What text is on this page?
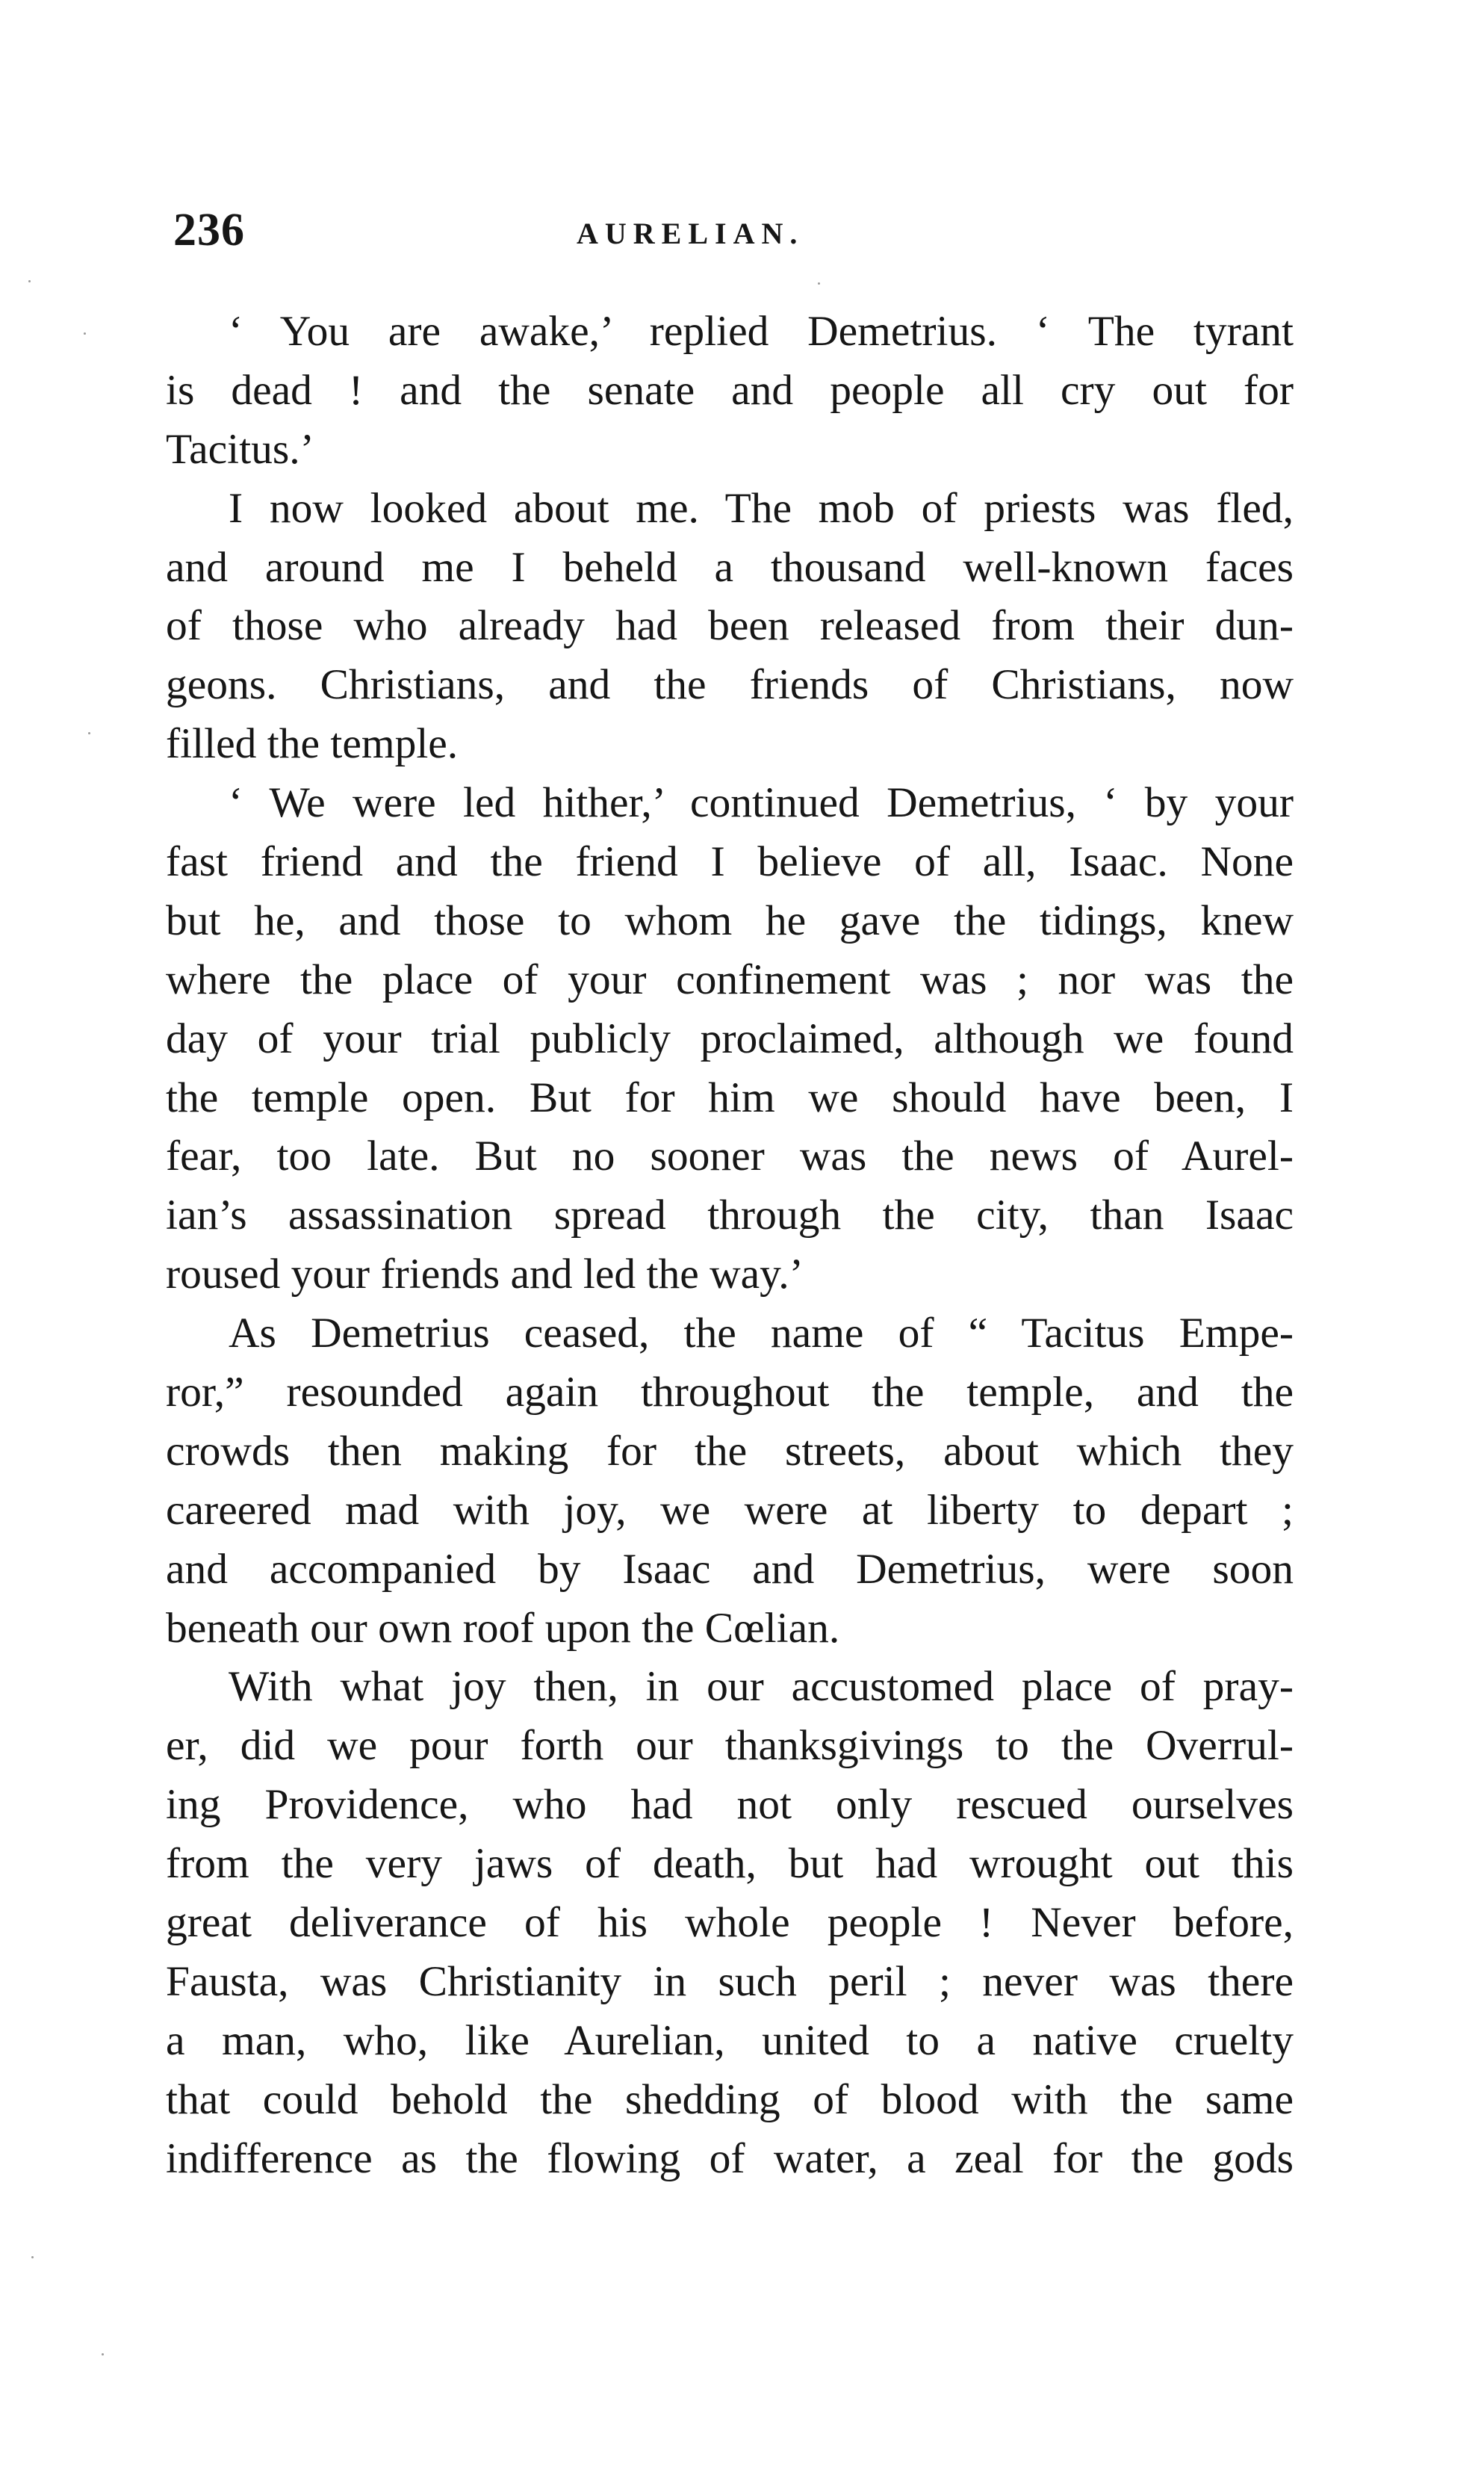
236	AURELIAN.
‘ You are awake,’ replied Demetrius. ‘ The tyrant
is dead ! and the senate and people all cry out for
Tacitus.’
I now looked about me. The mob of priests was fled,
and around me I beheld a thousand well-known faces
of those who already had been released from their dun-
geons. Christians, and the friends of Christians, now
filled the temple.
‘ We were led hither,’ continued Demetrius, ‘ by your
fast friend and the friend I believe of all, Isaac. None
but he, and those to whom he gave the tidings, knew
where the place of your confinement was ; nor was the
day of your trial publicly proclaimed, although we found
the temple open. But for him we should have been, I
fear, too late. But no sooner was the news of Aurel-
ian’s assassination spread through the city, than Isaac
roused your friends and led the way.’
As Demetrius ceased, the name of “ Tacitus Empe-
ror,” resounded again throughout the temple, and the
crowds then making for the streets, about which they
careered mad with joy, we were at liberty to depart ;
and accompanied by Isaac and Demetrius, were soon
beneath our own roof upon the Cœlian.
With what joy then, in our accustomed place of pray-
er, did we pour forth our thanksgivings to the Overrul-
ing Providence, who had not only rescued ourselves
from the very jaws of death, but had wrought out this
great deliverance of his whole people ! Never before,
Fausta, was Christianity in such peril ; never was there
a man, who, like Aurelian, united to a native cruelty
that could behold the shedding of blood with the same
indifference as the flowing of water, a zeal for the gods
